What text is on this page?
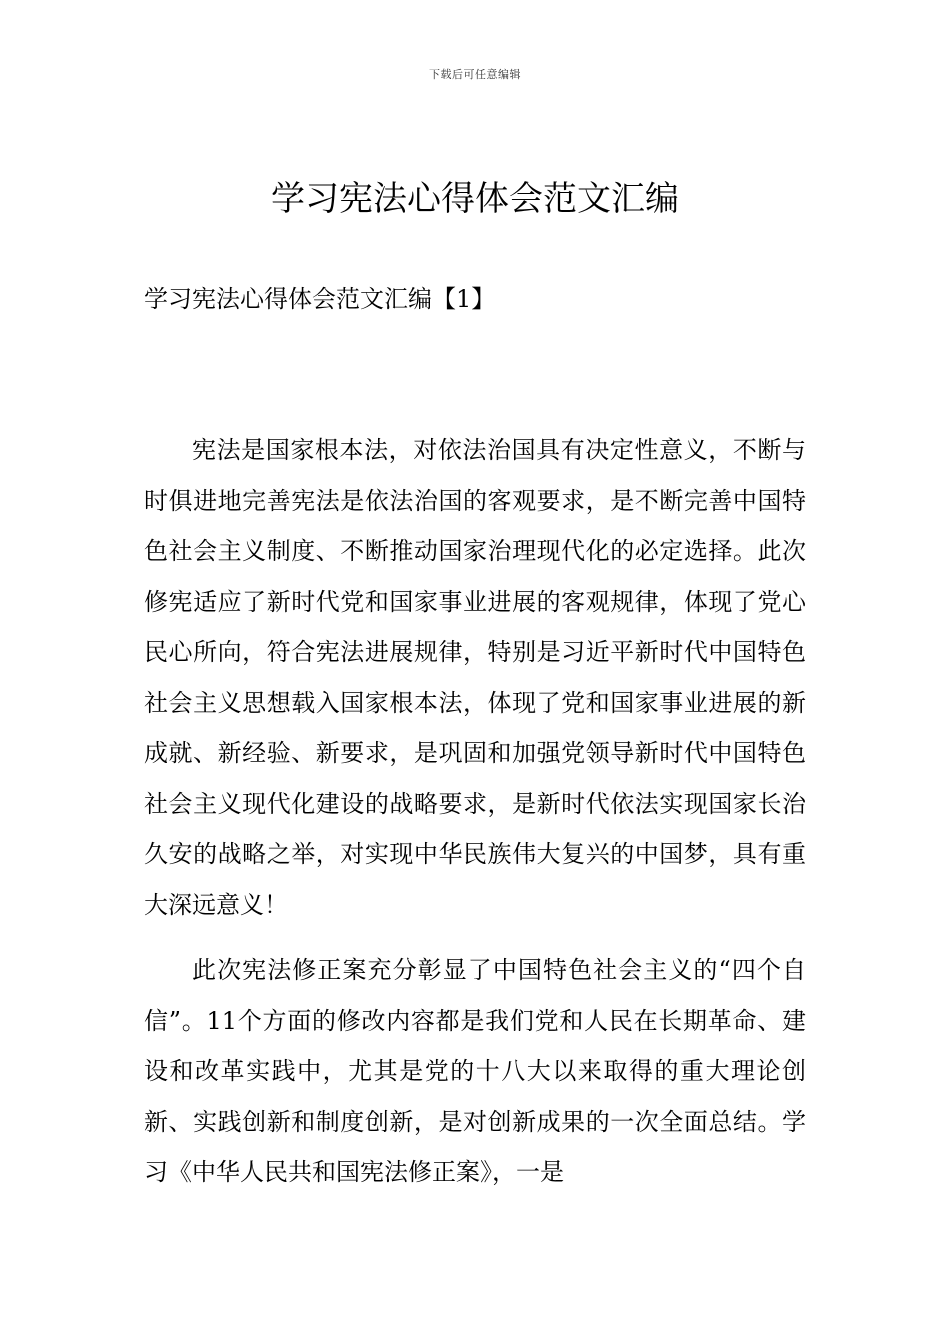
下载后可任意编辑
学习宪法心得体会范文汇编
学习宪法心得体会范文汇编【1】

宪法是国家根本法，对依法治国具有决定性意义，不断与时俱进地完善宪法是依法治国的客观要求，是不断完善中国特色社会主义制度、不断推动国家治理现代化的必定选择。此次修宪适应了新时代党和国家事业进展的客观规律，体现了党心民心所向，符合宪法进展规律，特别是习近平新时代中国特色社会主义思想载入国家根本法，体现了党和国家事业进展的新成就、新经验、新要求，是巩固和加强党领导新时代中国特色社会主义现代化建设的战略要求，是新时代依法实现国家长治久安的战略之举，对实现中华民族伟大复兴的中国梦，具有重大深远意义！

此次宪法修正案充分彰显了中国特色社会主义的“四个自信”。11个方面的修改内容都是我们党和人民在长期革命、建设和改革实践中，尤其是党的十八大以来取得的重大理论创新、实践创新和制度创新，是对创新成果的一次全面总结。学习《中华人民共和国宪法修正案》，一是
